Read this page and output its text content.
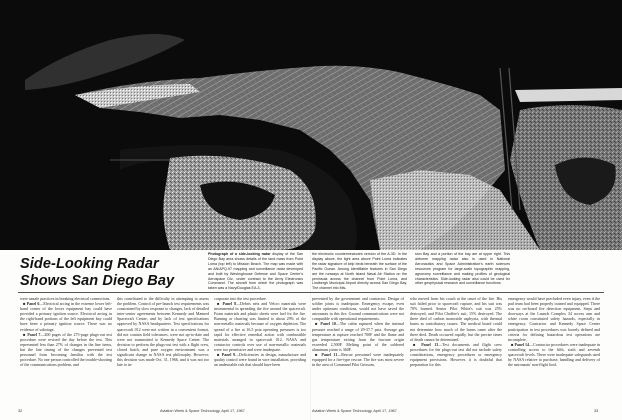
Photograph of a side-looking radar display of the San Diego Bay area shows details of the land mass from Point Loma (top left) to Mission Beach. The map was made with an AN/APQ-97 mapping and surveillance radar developed and built by Westinghouse Defense and Space Center's Aerospace Div., under contract to the Army Electronics Command. The aircraft from which the photograph was taken was a Navy/Douglas EA-3,
the electronic countermeasures version of the A-3D. In the display above, the light area above Point Loma indicates the radar signature of kelp beds beneath the surface of the Pacific Ocean. Among identifiable features in San Diego are the runways at North Island Naval Air Station on the peninsula across the channel from Point Loma, and Lindbergh Municipal Airport directly across San Diego Bay. The channel into Mis-
sion Bay and a portion of the bay are at upper right. This airborne mapping radar also is used in National Aeronautics and Space Administration's earth sciences resources program for large-scale topographic mapping, agronomy surveillance and making profiles of geological characteristics. Side-looking radar also could be used for other geophysical research and surveillance functions.
Side-Looking Radar
Shows San Diego Bay

were unsafe practices in breaking electrical connections.

■ Panel 6—Electrical arcing in the extreme lower left-hand corner of the lower equipment bay could have provided a primary ignition source. Electrical arcing in the right-hand portions of the left equipment bay could have been a primary ignition source. There was no evidence of sabotage.

■ Panel 7—200 pages of the 275-page plugs-out test procedure were revised the day before the test. This represented less than 27% of changes in the line items, but the late timing of the changes prevented test personnel from becoming familiar with the test procedure. No one person controlled the trouble-shooting of the communications problem, and

this contributed to the difficulty in attempting to assess the problem. Control of pre-launch test requirements was constrained by slow response to changes, lack of detailed inter-center agreements between Kennedy and Manned Spacecraft Center, and by lack of test specifications approved by NASA headquarters. Test specifications for spacecraft 012 were not written in a convenient format, did not contain field tolerances, were not up-to-date and were not transmitted to Kennedy Space Center. The decision to perform the plugs-out test with a flight crew, closed hatch, and pure oxygen environment was a significant change in NASA test philosophy. However, this decision was made Oct. 31, 1966, and it was not too late to in-

corporate into the test procedure.

■ Panel 8—Debris nets and Velcro materials were instrumental in spreading the fire around the spacecraft. Foam materials and plastic sheets were fuel for the fire. Burning or charring was limited to about 29% of the non-metallic materials because of oxygen depletion. The spread of a fire at 16.5 psia operating pressures is too rapid for effective remedial action with combustible materials arranged in spacecraft 012. NASA and contractor controls over use of non-metallic materials were too permissive and were inadequate.

■ Panel 9—Deficiencies in design, manufacture and quality control were found in wire installation, providing an undesirable risk that should have been

prevented by the government and contractor. Design of soldier joints is inadequate. Emergency escape, even under optimum conditions, would not have saved the astronauts in this fire. Ground communications were not compatible with operational requirements.

■ Panel 10—The cabin ruptured when the internal pressure reached a range of 29-37.7 psia. Average gas temperature at rupture reached 700F and the flame and gas temperature exiting from the fracture origin exceeded 2,500F. Melting point of the soldered aluminum joints is 360F.

■ Panel 11—Rescue personnel were inadequately equipped for a fire-type rescue. The fire was most severe in the area of Command Pilot Grissom,

who moved from his couch at the onset of the fire. His suit failed prior to spacecraft rupture, and his suit was 70% burned. Senior Pilot White's suit was 25% destroyed, and Pilot Chaffee's suit, 15% destroyed. The three died of carbon monoxide asphyxia, with thermal burns as contributory causes. The medical board could not determine how much of the burns came after the three died. Death occurred rapidly, but the precise times of death cannot be determined.

■ Panel 13—Test documents and flight crew procedures for the plugs-out test did not include safety considerations, emergency procedures or emergency equipment provisions. However, it is doubtful that preparation for this

emergency would have precluded even injury, even if the pad team had been properly trained and equipped. There was no on-board fire detection equipment. Steps and doorways at the Launch Complex 34 access arm and white room constituted safety hazards, especially in emergency. Contractor and Kennedy Space Center participation in test procedures was loosely defined and criteria for defining hazardous test operations are incomplete.

■ Panel 14—Contractor procedures were inadequate in controlling access to the fifth, sixth and seventh spacecraft levels. There were inadequate safeguards used by NASA relative to purchase, handling and delivery of the astronauts' non-flight food.

32	Aviation Week & Space Technology, April 17, 1967	Aviation Week & Space Technology, April 17, 1967	33
